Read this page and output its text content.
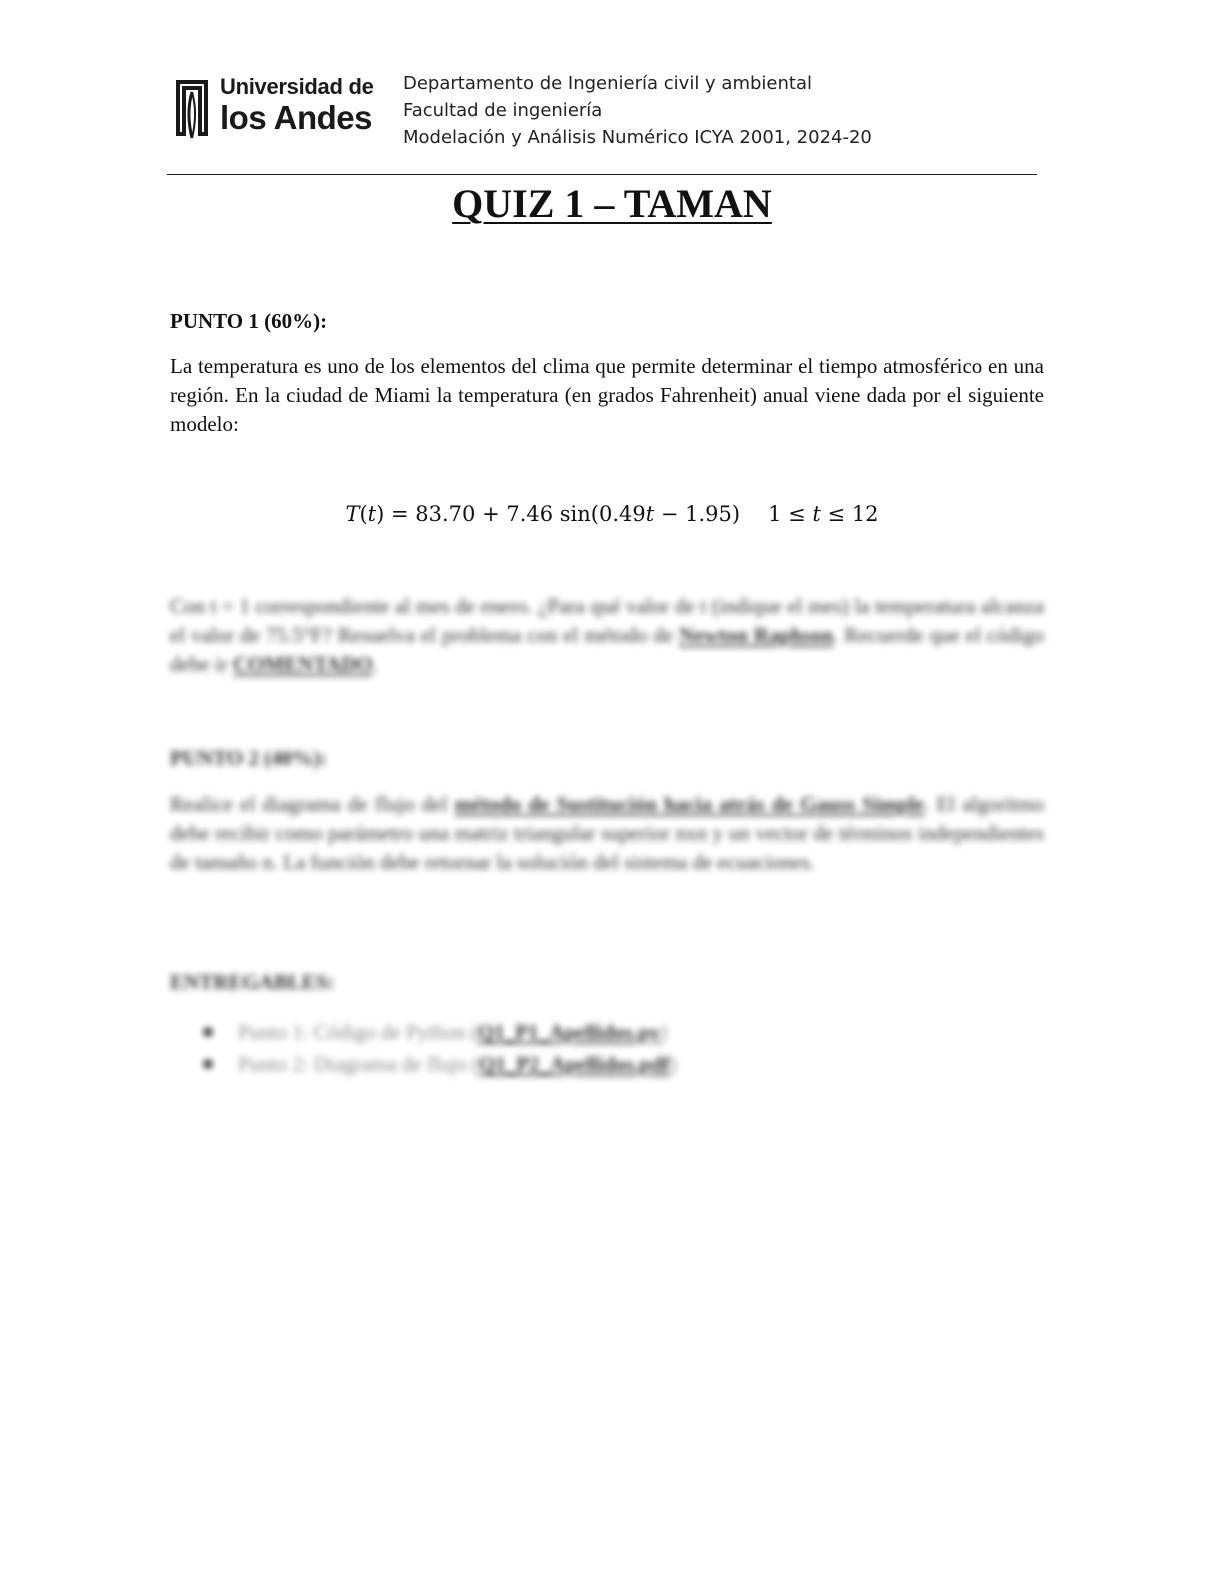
Universidad de
los Andes
Departamento de Ingeniería civil y ambiental
Facultad de ingeniería
Modelación y Análisis Numérico ICYA 2001, 2024-20
QUIZ 1 – TAMAN
PUNTO 1 (60%):
La temperatura es uno de los elementos del clima que permite determinar el tiempo atmosférico en una región. En la ciudad de Miami la temperatura (en grados Fahrenheit) anual viene dada por el siguiente modelo:
T(t) = 83.70 + 7.46 sin(0.49t − 1.95) 1 ≤ t ≤ 12
Con t = 1 correspondiente al mes de enero. ¿Para qué valor de t (indique el mes) la temperatura alcanza el valor de 75.5°F? Resuelva el problema con el método de Newton Raphson. Recuerde que el código debe ir COMENTADO.
PUNTO 2 (40%):
Realice el diagrama de flujo del método de Sustitución hacia atrás de Gauss Simple. El algoritmo debe recibir como parámetro una matriz triangular superior nxn y un vector de términos independientes de tamaño n. La función debe retornar la solución del sistema de ecuaciones.
ENTREGABLES:
Punto 1: Código de Python (Q1_P1_Apellidos.py)
Punto 2: Diagrama de flujo (Q1_P2_Apellidos.pdf)
